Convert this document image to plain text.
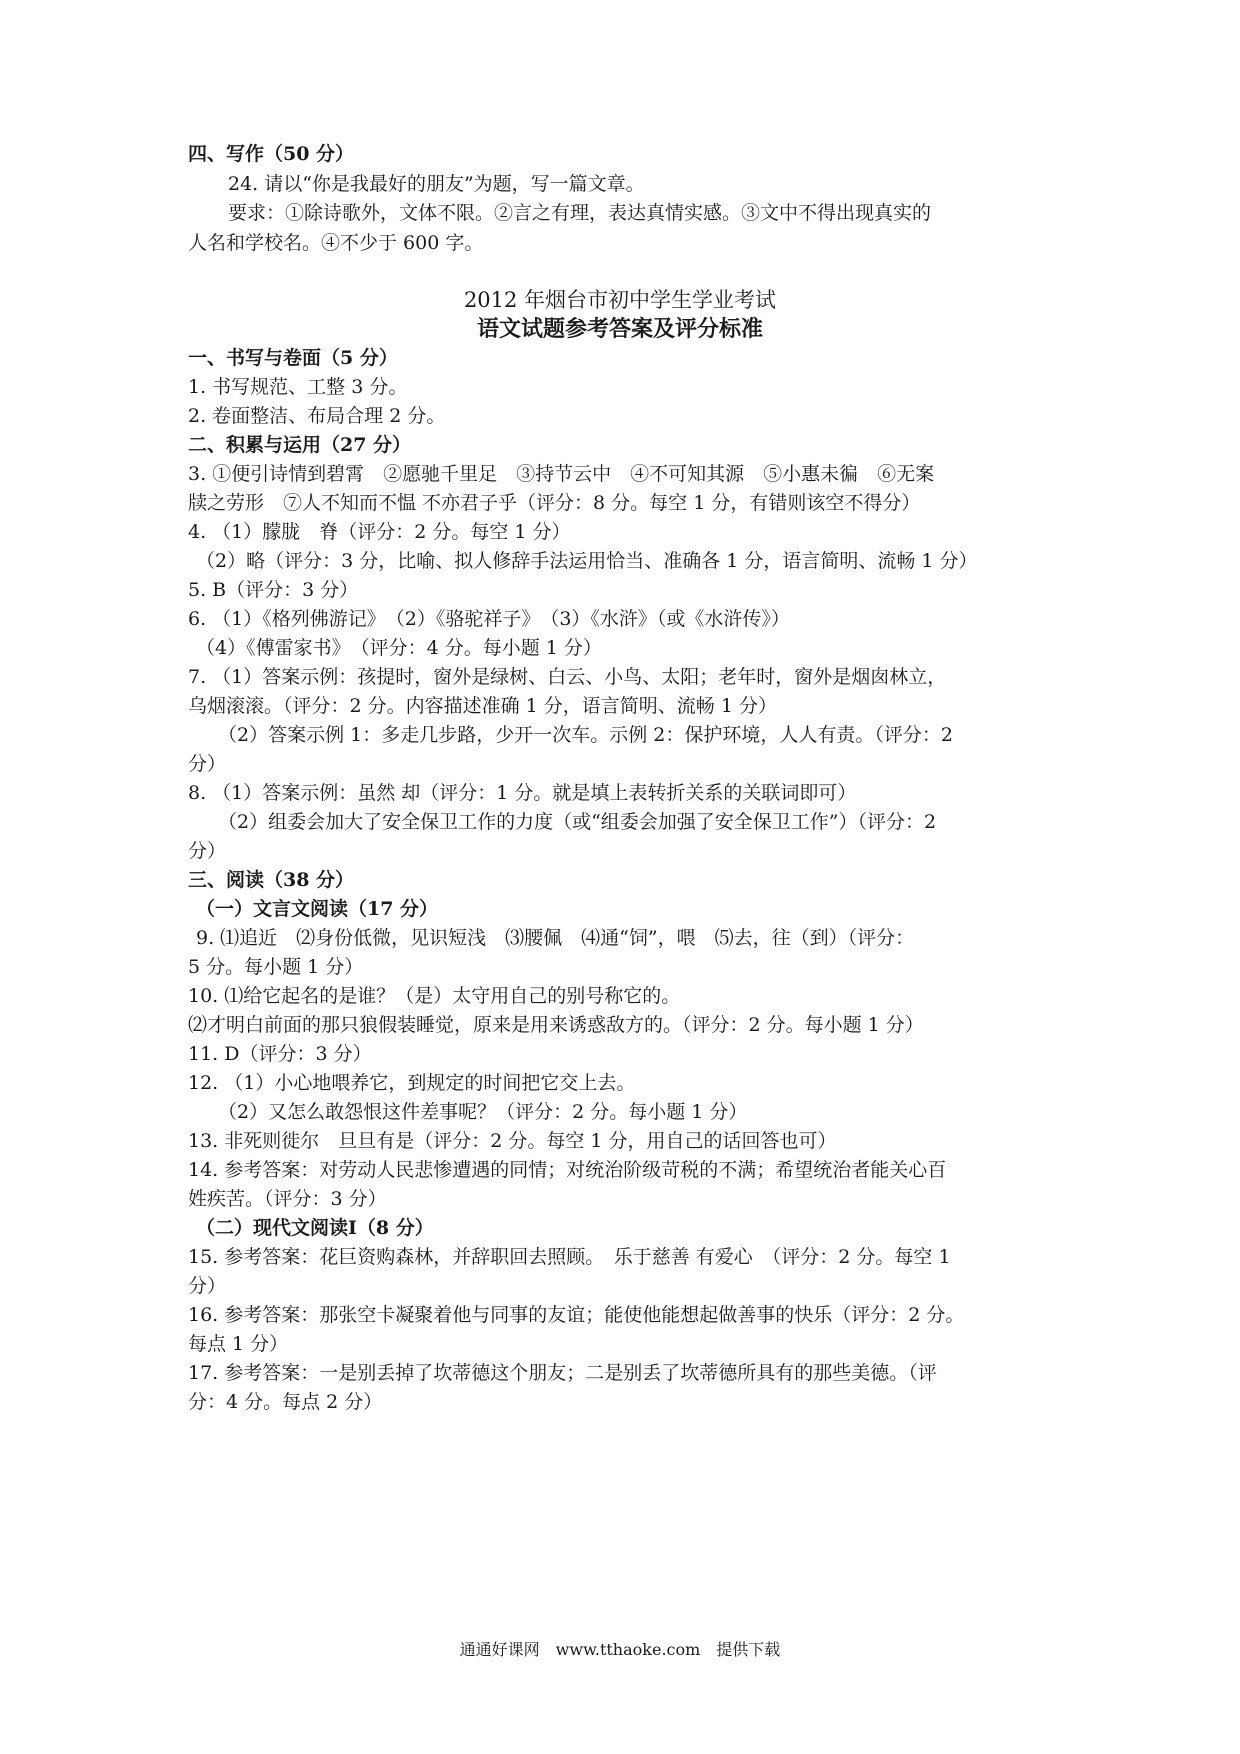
四、写作（50 分）
24. 请以“你是我最好的朋友”为题，写一篇文章。
要求：①除诗歌外，文体不限。②言之有理，表达真情实感。③文中不得出现真实的
人名和学校名。④不少于 600 字。
2012 年烟台市初中学生学业考试
语文试题参考答案及评分标准
一、书写与卷面（5 分）
1. 书写规范、工整 3 分。
2. 卷面整洁、布局合理 2 分。
二、积累与运用（27 分）
3. ①便引诗情到碧霄　②愿驰千里足　③持节云中　④不可知其源　⑤小惠未徧　⑥无案
牍之劳形　⑦人不知而不愠 不亦君子乎（评分：8 分。每空 1 分，有错则该空不得分）
4. （1）朦胧　脊（评分：2 分。每空 1 分）
（2）略（评分：3 分，比喻、拟人修辞手法运用恰当、准确各 1 分，语言简明、流畅 1 分）
5. B（评分：3 分）
6. （1）《格列佛游记》　（2）《骆驼祥子》　（3）《水浒》（或《水浒传》）
（4）《傅雷家书》　（评分：4 分。每小题 1 分）
7. （1）答案示例：孩提时，窗外是绿树、白云、小鸟、太阳；老年时，窗外是烟囱林立，
乌烟滚滚。（评分：2 分。内容描述准确 1 分，语言简明、流畅 1 分）
（2）答案示例 1：多走几步路，少开一次车。示例 2：保护环境，人人有责。（评分：2
分）
8. （1）答案示例：虽然 却（评分：1 分。就是填上表转折关系的关联词即可）
（2）组委会加大了安全保卫工作的力度（或“组委会加强了安全保卫工作”）（评分：2
分）
三、阅读（38 分）
（一）文言文阅读（17 分）
9. ⑴追近　⑵身份低微，见识短浅　⑶腰佩　⑷通“饲”，喂　⑸去，往（到）（评分：
5 分。每小题 1 分）
10. ⑴给它起名的是谁？（是）太守用自己的别号称它的。
⑵才明白前面的那只狼假装睡觉，原来是用来诱惑敌方的。（评分：2 分。每小题 1 分）
11. D（评分：3 分）
12. （1）小心地喂养它，到规定的时间把它交上去。
（2）又怎么敢怨恨这件差事呢？（评分：2 分。每小题 1 分）
13. 非死则徙尔　旦旦有是（评分：2 分。每空 1 分，用自己的话回答也可）
14. 参考答案：对劳动人民悲惨遭遇的同情；对统治阶级苛税的不满；希望统治者能关心百
姓疾苦。（评分：3 分）
（二）现代文阅读Ⅰ（8 分）
15. 参考答案：花巨资购森林，并辞职回去照顾。　乐于慈善 有爱心　（评分：2 分。每空 1
分）
16. 参考答案：那张空卡凝聚着他与同事的友谊；能使他能想起做善事的快乐（评分：2 分。
每点 1 分）
17. 参考答案：一是别丢掉了坎蒂德这个朋友；二是别丢了坎蒂德所具有的那些美德。（评
分：4 分。每点 2 分）
通通好课网　www.tthaoke.com　提供下载
